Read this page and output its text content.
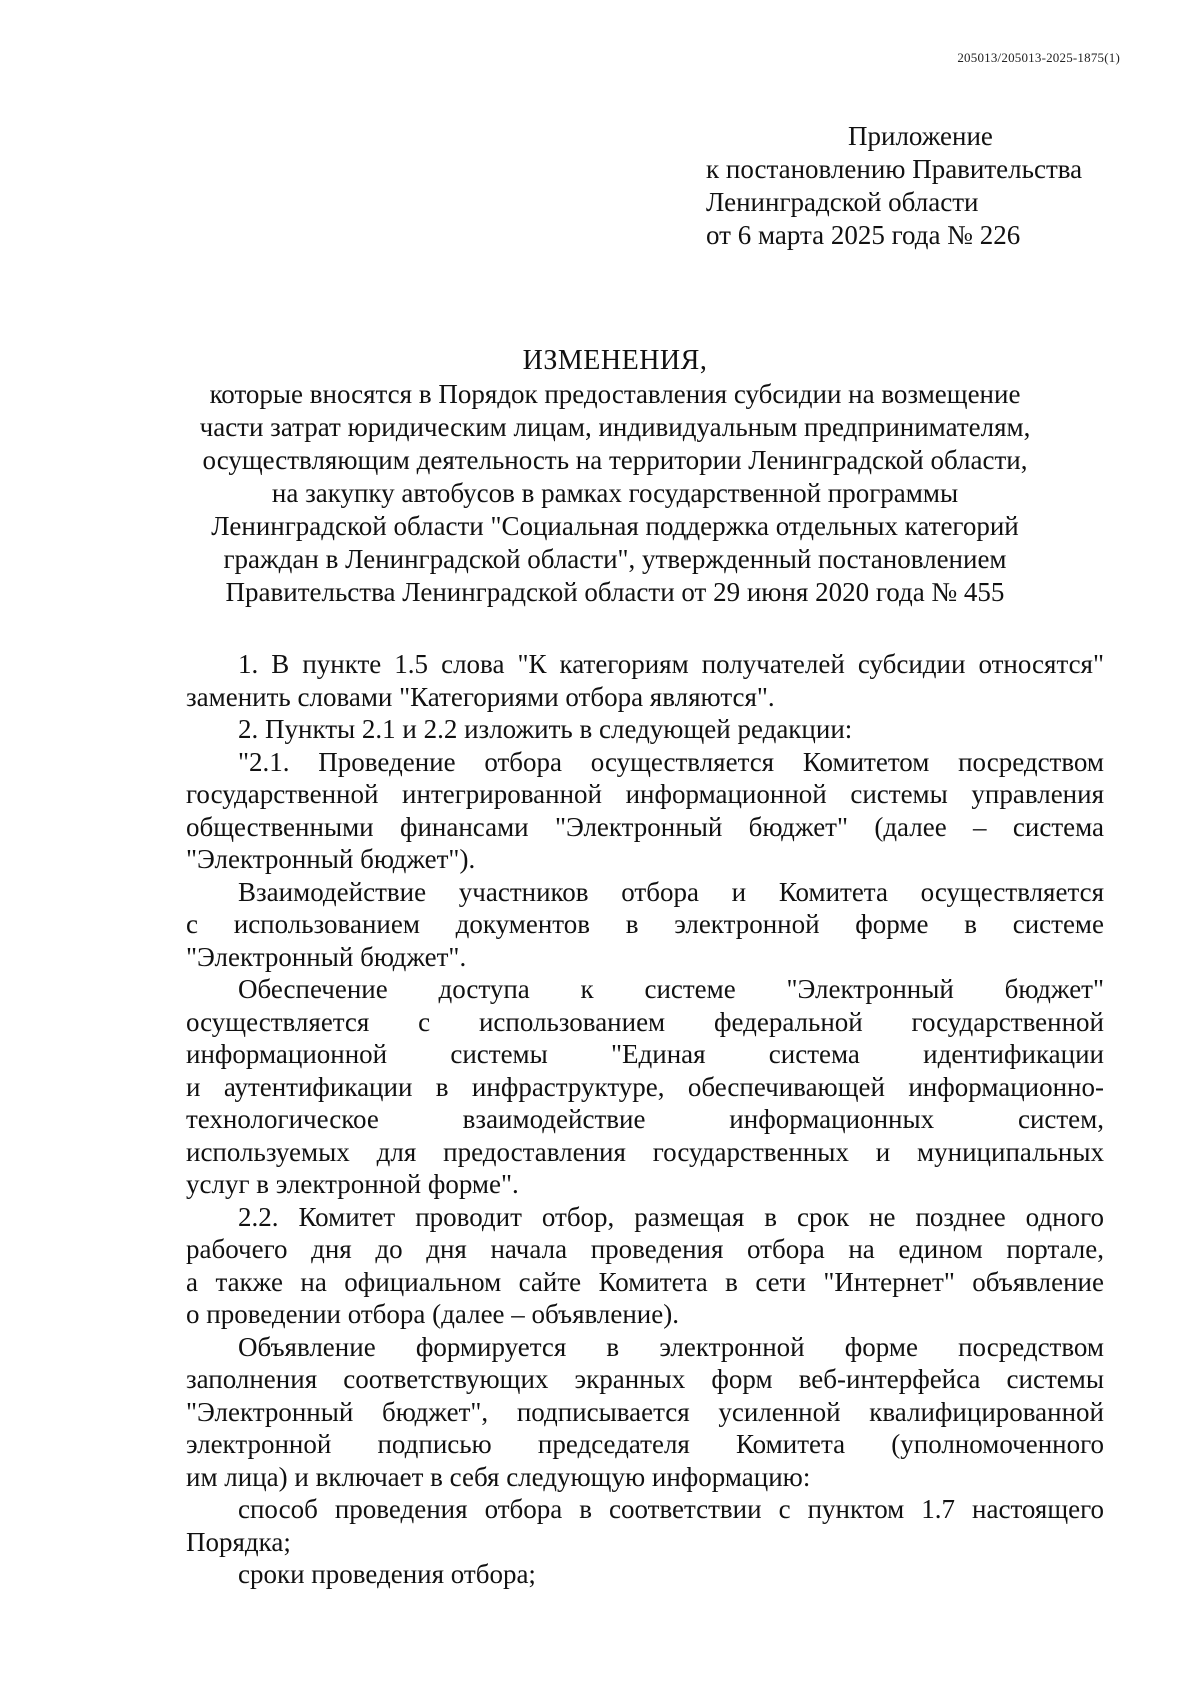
205013/205013-2025-1875(1)
Приложение
к постановлению Правительства
Ленинградской области
от 6 марта 2025 года № 226
ИЗМЕНЕНИЯ,
которые вносятся в Порядок предоставления субсидии на возмещение
части затрат юридическим лицам, индивидуальным предпринимателям,
осуществляющим деятельность на территории Ленинградской области,
на закупку автобусов в рамках государственной программы
Ленинградской области "Социальная поддержка отдельных категорий
граждан в Ленинградской области", утвержденный постановлением
Правительства Ленинградской области от 29 июня 2020 года № 455
1. В пункте 1.5 слова "К категориям получателей субсидии относятся"
заменить словами "Категориями отбора являются".
2. Пункты 2.1 и 2.2 изложить в следующей редакции:
"2.1. Проведение отбора осуществляется Комитетом посредством
государственной интегрированной информационной системы управления
общественными финансами "Электронный бюджет" (далее – система
"Электронный бюджет").
Взаимодействие участников отбора и Комитета осуществляется
с использованием документов в электронной форме в системе
"Электронный бюджет".
Обеспечение доступа к системе "Электронный бюджет"
осуществляется с использованием федеральной государственной
информационной системы "Единая система идентификации
и аутентификации в инфраструктуре, обеспечивающей информационно-
технологическое взаимодействие информационных систем,
используемых для предоставления государственных и муниципальных
услуг в электронной форме".
2.2. Комитет проводит отбор, размещая в срок не позднее одного
рабочего дня до дня начала проведения отбора на едином портале,
а также на официальном сайте Комитета в сети "Интернет" объявление
о проведении отбора (далее – объявление).
Объявление формируется в электронной форме посредством
заполнения соответствующих экранных форм веб-интерфейса системы
"Электронный бюджет", подписывается усиленной квалифицированной
электронной подписью председателя Комитета (уполномоченного
им лица) и включает в себя следующую информацию:
способ проведения отбора в соответствии с пунктом 1.7 настоящего
Порядка;
сроки проведения отбора;
